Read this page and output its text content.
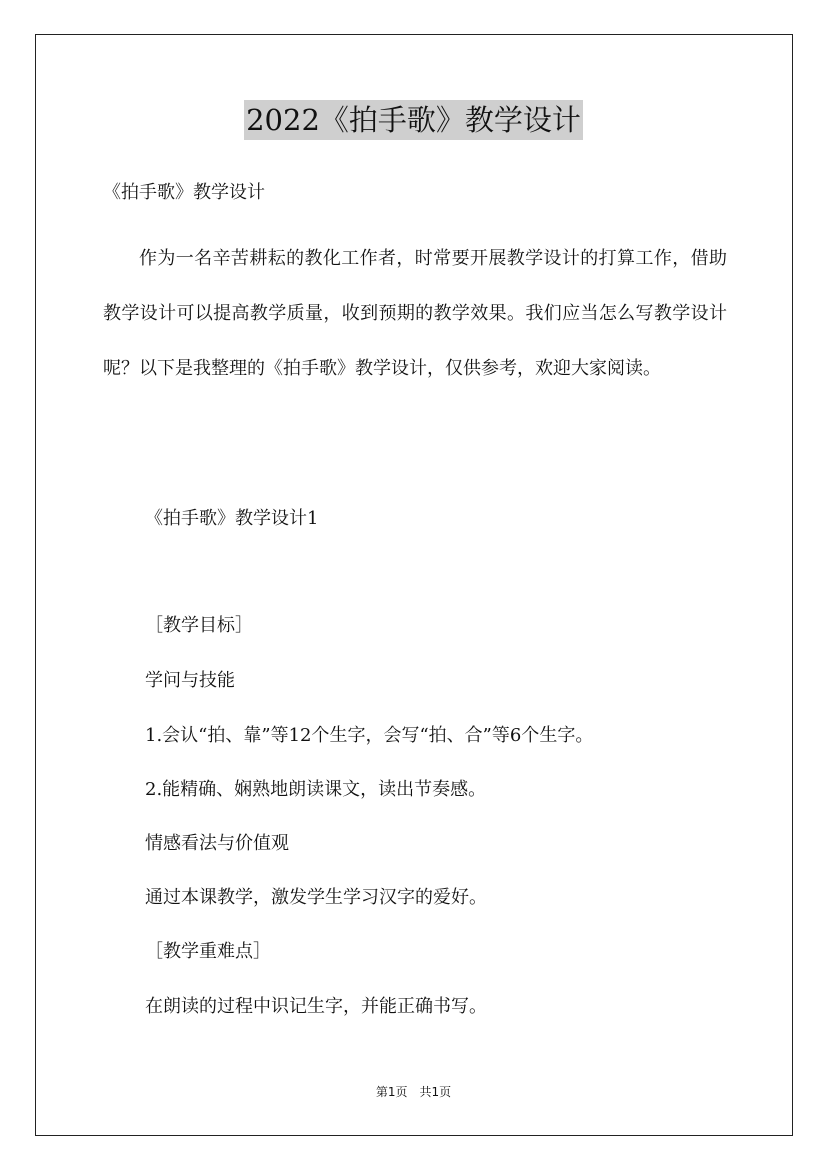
2022《拍手歌》教学设计
《拍手歌》教学设计

作为一名辛苦耕耘的教化工作者，时常要开展教学设计的打算工作，借助教学设计可以提高教学质量，收到预期的教学效果。我们应当怎么写教学设计呢？以下是我整理的《拍手歌》教学设计，仅供参考，欢迎大家阅读。

《拍手歌》教学设计1
［教学目标］
学问与技能
1.会认“拍、靠”等12个生字，会写“拍、合”等6个生字。
2.能精确、娴熟地朗读课文，读出节奏感。
情感看法与价值观
通过本课教学，激发学生学习汉字的爱好。
［教学重难点］
在朗读的过程中识记生字，并能正确书写。
第1页　共1页
